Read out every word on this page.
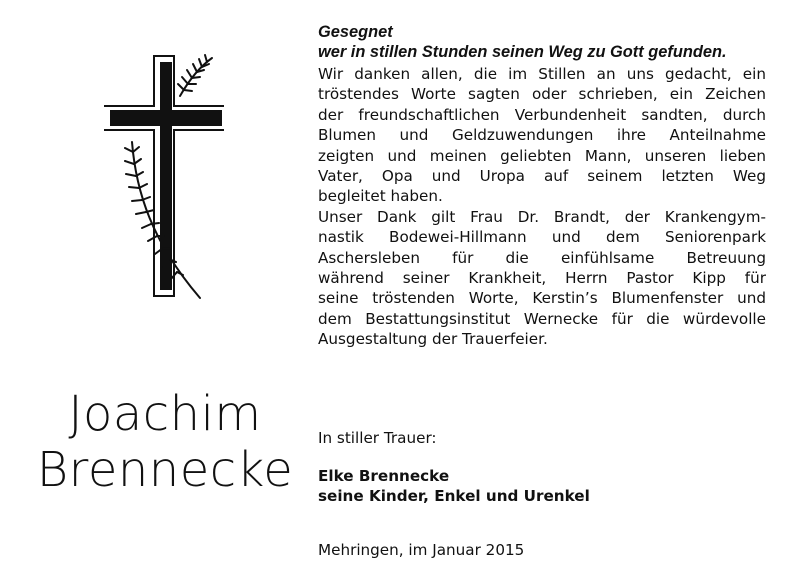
Joachim
Brennecke
Gesegnet
wer in stillen Stunden seinen Weg zu Gott gefunden.
Wir danken allen, die im Stillen an uns gedacht, ein
tröstendes Worte sagten oder schrieben, ein Zeichen
der freundschaftlichen Verbundenheit sandten, durch
Blumen und Geldzuwendungen ihre Anteilnahme
zeigten und meinen geliebten Mann, unseren lieben
Vater, Opa und Uropa auf seinem letzten Weg
begleitet haben.
Unser Dank gilt Frau Dr. Brandt, der Krankengym-
nastik Bodewei-Hillmann und dem Seniorenpark
Aschersleben für die einfühlsame Betreuung
während seiner Krankheit, Herrn Pastor Kipp für
seine tröstenden Worte, Kerstin’s Blumenfenster und
dem Bestattungsinstitut Wernecke für die würdevolle
Ausgestaltung der Trauerfeier.
In stiller Trauer:
Elke Brennecke
seine Kinder, Enkel und Urenkel
Mehringen, im Januar 2015
